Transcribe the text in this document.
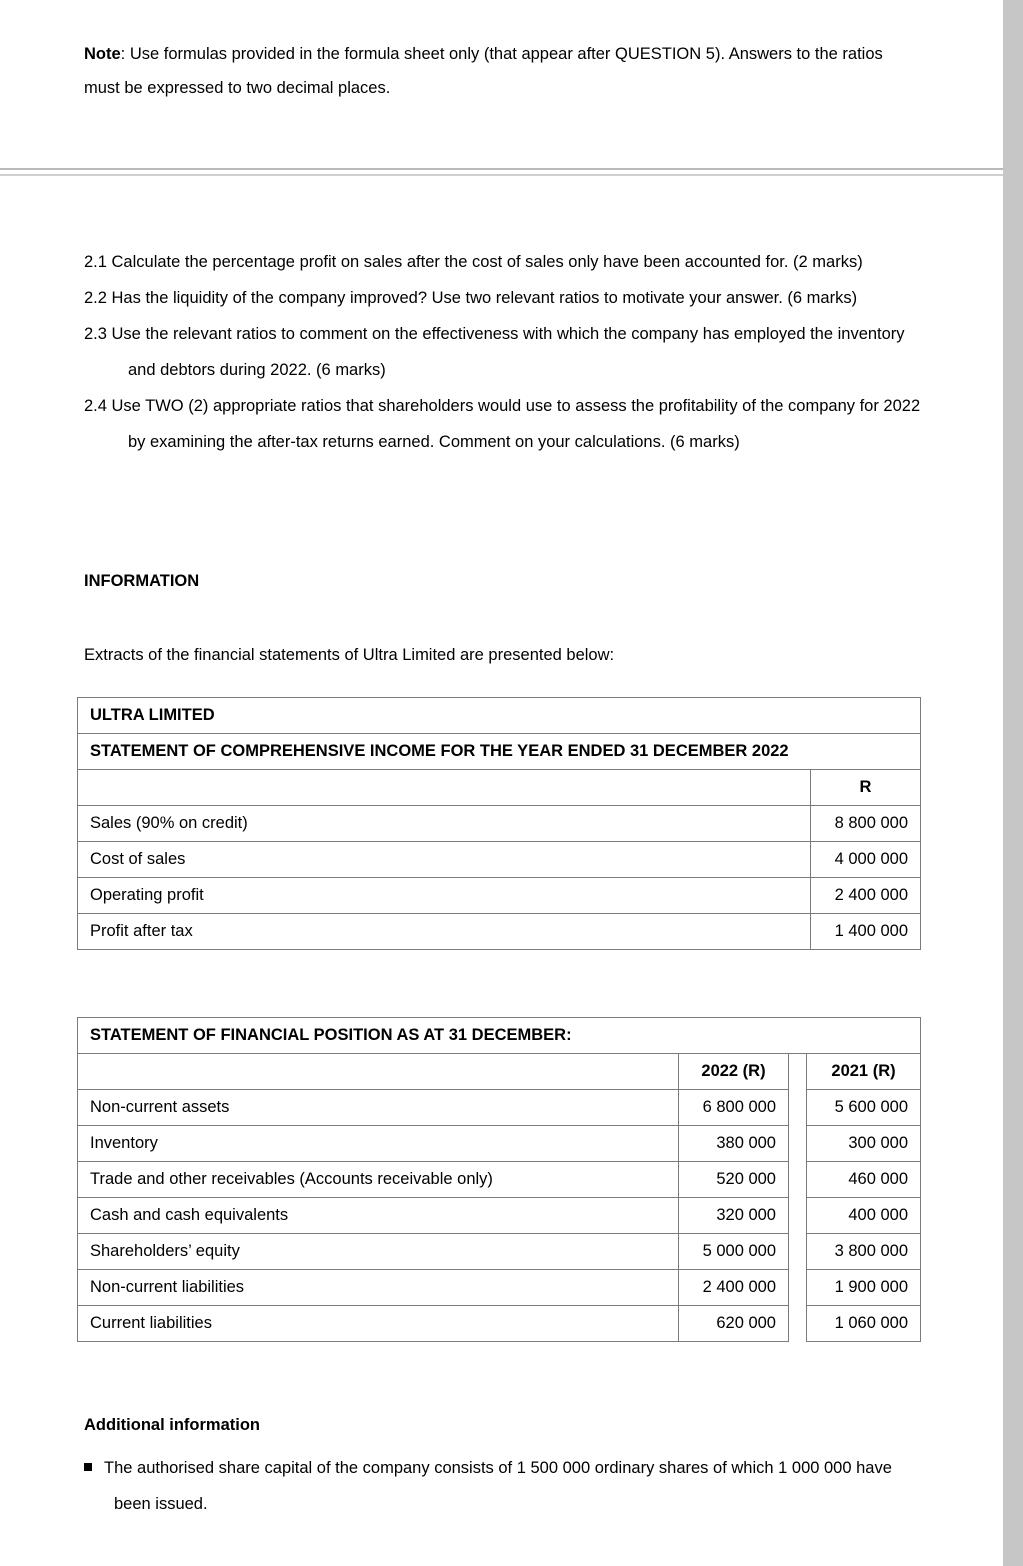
Note: Use formulas provided in the formula sheet only (that appear after QUESTION 5). Answers to the ratios must be expressed to two decimal places.

2.1 Calculate the percentage profit on sales after the cost of sales only have been accounted for. (2 marks)
2.2 Has the liquidity of the company improved? Use two relevant ratios to motivate your answer. (6 marks)
2.3 Use the relevant ratios to comment on the effectiveness with which the company has employed the inventory and debtors during 2022. (6 marks)
2.4 Use TWO (2) appropriate ratios that shareholders would use to assess the profitability of the company for 2022 by examining the after-tax returns earned. Comment on your calculations. (6 marks)
INFORMATION
Extracts of the financial statements of Ultra Limited are presented below:
ULTRA LIMITED	
STATEMENT OF COMPREHENSIVE INCOME FOR THE YEAR ENDED 31 DECEMBER 2022	
	R
Sales (90% on credit)	8 800 000
Cost of sales	4 000 000
Operating profit	2 400 000
Profit after tax	1 400 000
STATEMENT OF FINANCIAL POSITION AS AT 31 DECEMBER:			
	2022 (R)		2021 (R)
Non-current assets	6 800 000		5 600 000
Inventory	380 000		300 000
Trade and other receivables (Accounts receivable only)	520 000		460 000
Cash and cash equivalents	320 000		400 000
Shareholders’ equity	5 000 000		3 800 000
Non-current liabilities	2 400 000		1 900 000
Current liabilities	620 000		1 060 000
Additional information
The authorised share capital of the company consists of 1 500 000 ordinary shares of which 1 000 000 have been issued.
